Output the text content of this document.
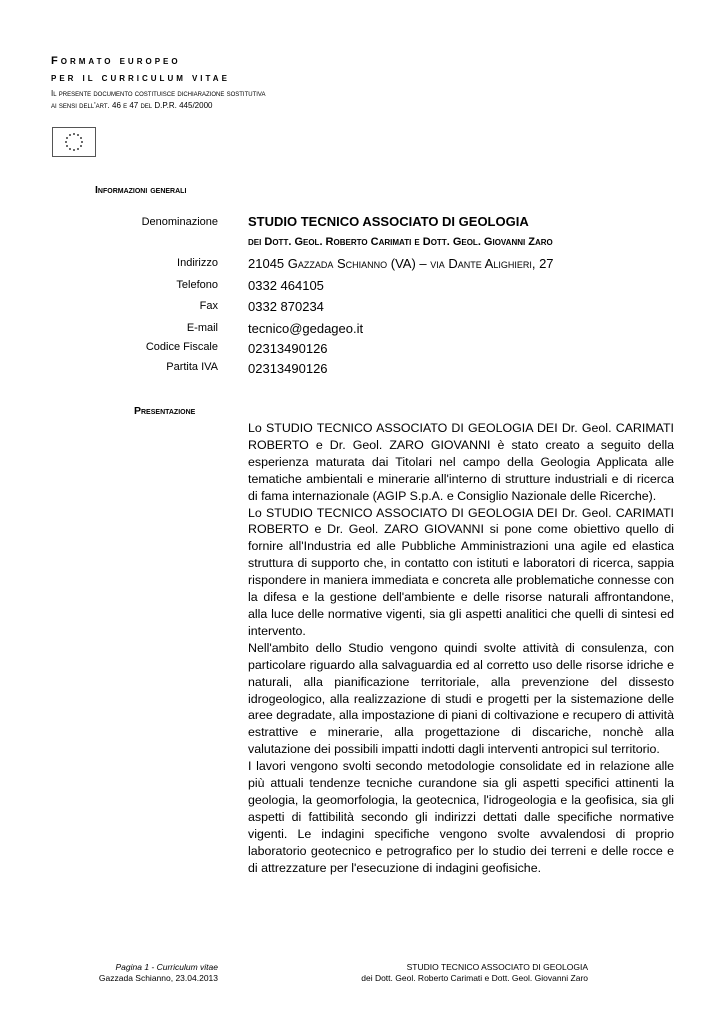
Formato europeo
per il curriculum vitae
Il presente documento costituisce dichiarazione sostitutiva
ai sensi dell'art. 46 e 47 del D.P.R. 445/2000
Informazioni generali
Denominazione STUDIO TECNICO ASSOCIATO DI GEOLOGIA
dei Dott. Geol. Roberto Carimati e Dott. Geol. Giovanni Zaro
Indirizzo 21045 Gazzada Schianno (VA) – via Dante Alighieri, 27
Telefono 0332 464105
Fax 0332 870234
E-mail tecnico@gedageo.it
Codice Fiscale 02313490126
Partita IVA 02313490126
Presentazione

Lo STUDIO TECNICO ASSOCIATO DI GEOLOGIA DEI Dr. Geol. CARIMATI ROBERTO e Dr. Geol. ZARO GIOVANNI è stato creato a seguito della esperienza maturata dai Titolari nel campo della Geologia Applicata alle tematiche ambientali e minerarie all'interno di strutture industriali e di ricerca di fama internazionale (AGIP S.p.A. e Consiglio Nazionale delle Ricerche).

Lo STUDIO TECNICO ASSOCIATO DI GEOLOGIA DEI Dr. Geol. CARIMATI ROBERTO e Dr. Geol. ZARO GIOVANNI si pone come obiettivo quello di fornire all'Industria ed alle Pubbliche Amministrazioni una agile ed elastica struttura di supporto che, in contatto con istituti e laboratori di ricerca, sappia rispondere in maniera immediata e concreta alle problematiche connesse con la difesa e la gestione dell'ambiente e delle risorse naturali affrontandone, alla luce delle normative vigenti, sia gli aspetti analitici che quelli di sintesi ed intervento.

Nell'ambito dello Studio vengono quindi svolte attività di consulenza, con particolare riguardo alla salvaguardia ed al corretto uso delle risorse idriche e naturali, alla pianificazione territoriale, alla prevenzione del dissesto idrogeologico, alla realizzazione di studi e progetti per la sistemazione delle aree degradate, alla impostazione di piani di coltivazione e recupero di attività estrattive e minerarie, alla progettazione di discariche, nonchè alla valutazione dei possibili impatti indotti dagli interventi antropici sul territorio.

I lavori vengono svolti secondo metodologie consolidate ed in relazione alle più attuali tendenze tecniche curandone sia gli aspetti specifici attinenti la geologia, la geomorfologia, la geotecnica, l'idrogeologia e la geofisica, sia gli aspetti di fattibilità secondo gli indirizzi dettati dalle specifiche normative vigenti. Le indagini specifiche vengono svolte avvalendosi di proprio laboratorio geotecnico e petrografico per lo studio dei terreni e delle rocce e di attrezzature per l'esecuzione di indagini geofisiche.

Pagina 1 - Curriculum vitae
Gazzada Schianno, 23.04.2013
STUDIO TECNICO ASSOCIATO DI GEOLOGIA
dei Dott. Geol. Roberto Carimati e Dott. Geol. Giovanni Zaro
